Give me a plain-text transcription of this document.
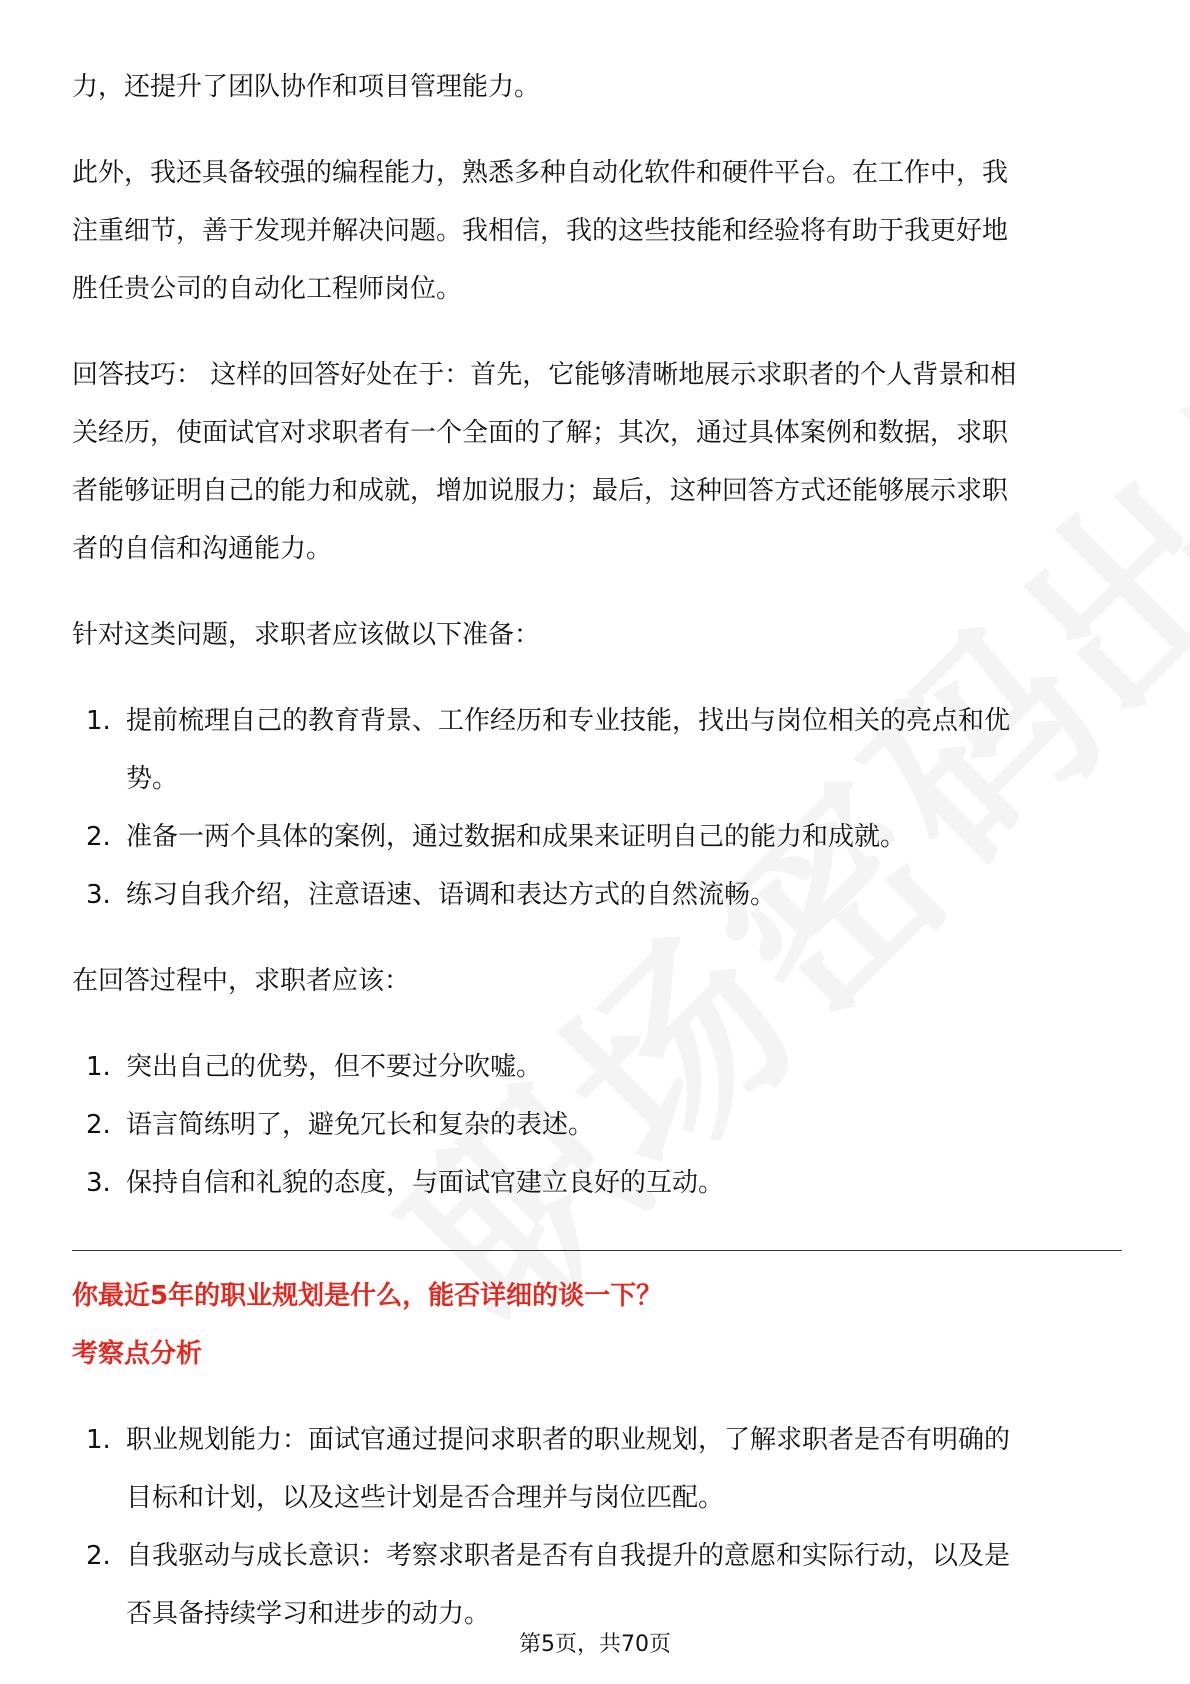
力，还提升了团队协作和项目管理能力。

此外，我还具备较强的编程能力，熟悉多种自动化软件和硬件平台。在工作中，我

注重细节，善于发现并解决问题。我相信，我的这些技能和经验将有助于我更好地

胜任贵公司的自动化工程师岗位。

回答技巧： 这样的回答好处在于：首先，它能够清晰地展示求职者的个人背景和相

关经历，使面试官对求职者有一个全面的了解；其次，通过具体案例和数据，求职

者能够证明自己的能力和成就，增加说服力；最后，这种回答方式还能够展示求职

者的自信和沟通能力。

针对这类问题，求职者应该做以下准备：

1. 提前梳理自己的教育背景、工作经历和专业技能，找出与岗位相关的亮点和优
势。
2. 准备一两个具体的案例，通过数据和成果来证明自己的能力和成就。
3. 练习自我介绍，注意语速、语调和表达方式的自然流畅。

在回答过程中，求职者应该：

1. 突出自己的优势，但不要过分吹嘘。
2. 语言简练明了，避免冗长和复杂的表述。
3. 保持自信和礼貌的态度，与面试官建立良好的互动。

你最近5年的职业规划是什么，能否详细的谈一下？

考察点分析

1. 职业规划能力：面试官通过提问求职者的职业规划，了解求职者是否有明确的
目标和计划，以及这些计划是否合理并与岗位匹配。
2. 自我驱动与成长意识：考察求职者是否有自我提升的意愿和实际行动，以及是
否具备持续学习和进步的动力。
第5页，共70页
